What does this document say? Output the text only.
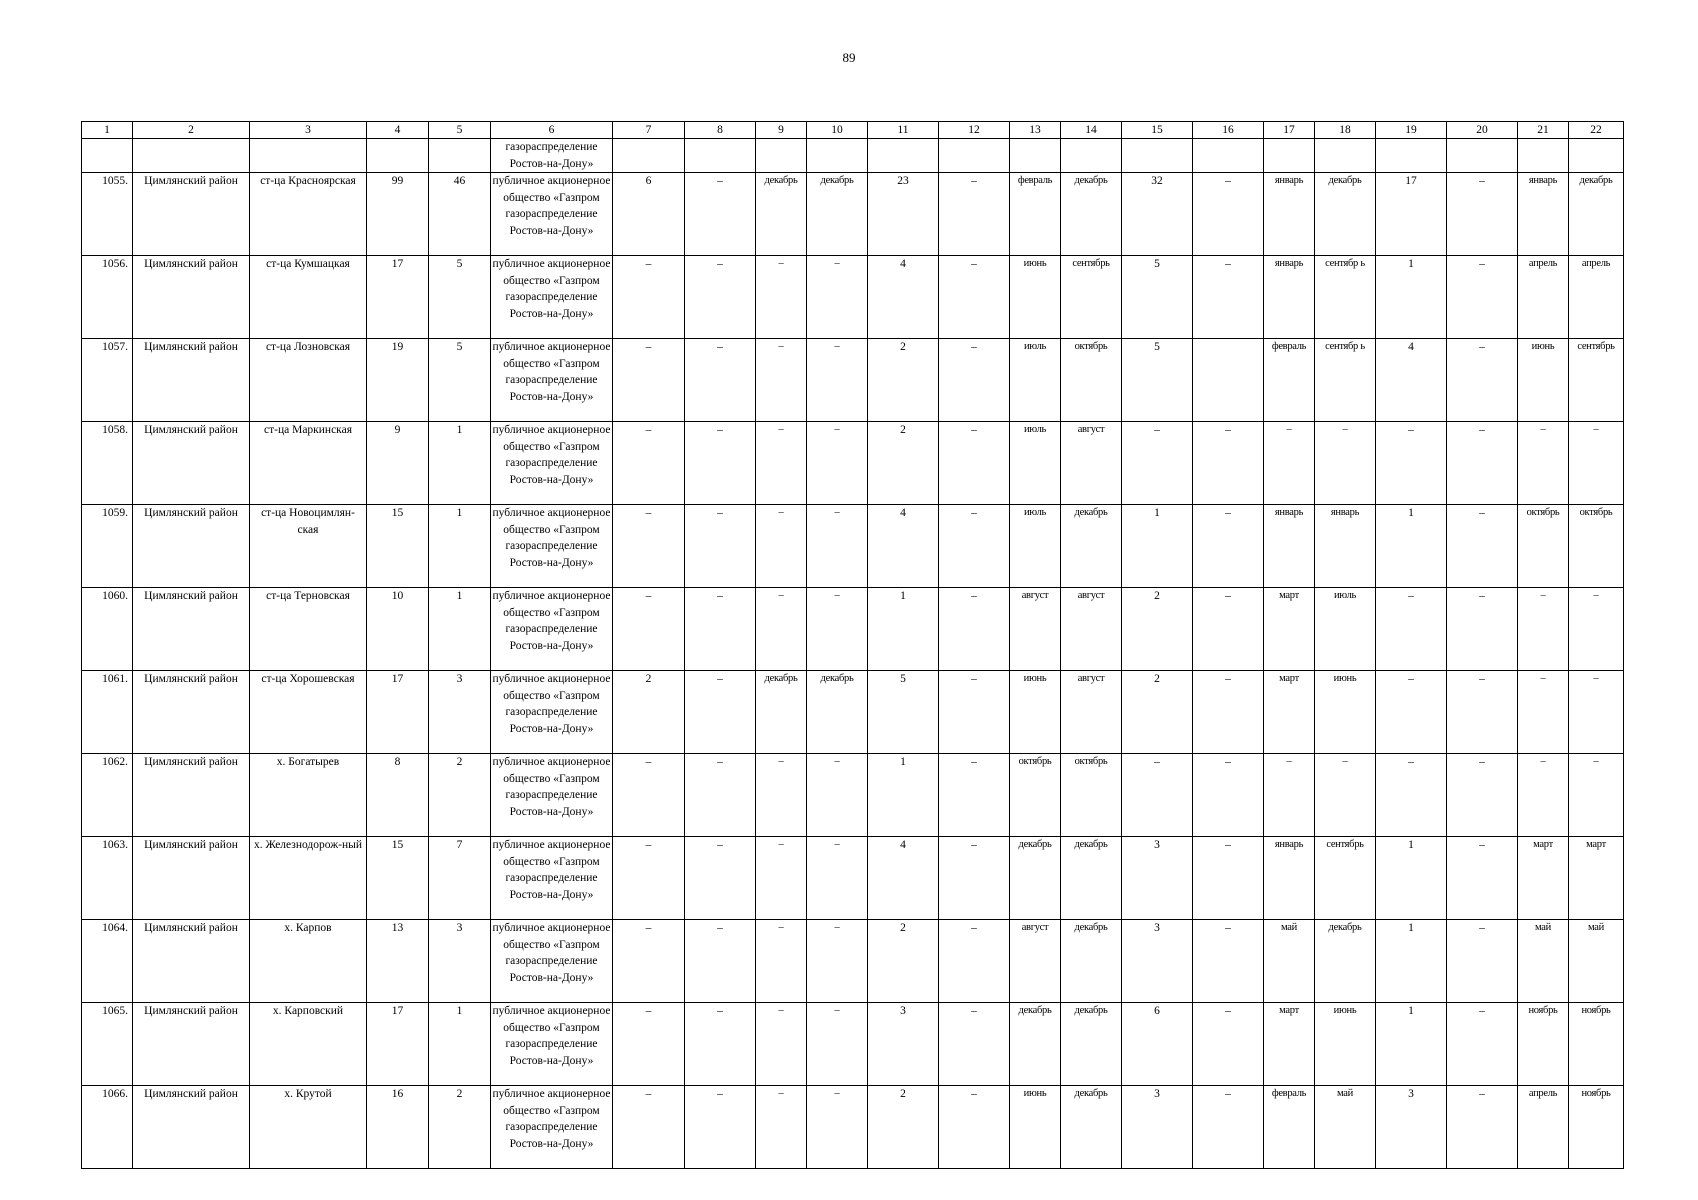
89
1	2	3	4	5	6	7	8	9	10	11	12	13	14	15	16	17	18	19	20	21	22
					газораспределение Ростов-на-Дону»																
1055.	Цимлянский район	ст-ца Краснoярская	99	46	публичное акционерное общество «Газпром газораспределение Ростов-на-Дону»	6	–	декабрь	декабрь	23	–	февраль	декабрь	32	–	январь	декабрь	17	–	январь	декабрь
1056.	Цимлянский район	ст-ца Кумшацкая	17	5	публичное акционерное общество «Газпром газораспределение Ростов-на-Дону»	–	–	–	–	4	–	июнь	сентябрь	5	–	январь	сентябр ь	1	–	апрель	апрель
1057.	Цимлянский район	ст-ца Лозновская	19	5	публичное акционерное общество «Газпром газораспределение Ростов-на-Дону»	–	–	–	–	2	–	июль	октябрь	5		февраль	сентябр ь	4	–	июнь	сентябрь
1058.	Цимлянский район	ст-ца Маркинская	9	1	публичное акционерное общество «Газпром газораспределение Ростов-на-Дону»	–	–	–	–	2	–	июль	август	–	–	–	–	–	–	–	–
1059.	Цимлянский район	ст-ца Новоцимлян-ская	15	1	публичное акционерное общество «Газпром газораспределение Ростов-на-Дону»	–	–	–	–	4	–	июль	декабрь	1	–	январь	январь	1	–	октябрь	октябрь
1060.	Цимлянский район	ст-ца Терновская	10	1	публичное акционерное общество «Газпром газораспределение Ростов-на-Дону»	–	–	–	–	1	–	август	август	2	–	март	июль	–	–	–	–
1061.	Цимлянский район	ст-ца Хорошевская	17	3	публичное акционерное общество «Газпром газораспределение Ростов-на-Дону»	2	–	декабрь	декабрь	5	–	июнь	август	2	–	март	июнь	–	–	–	–
1062.	Цимлянский район	х. Богатырев	8	2	публичное акционерное общество «Газпром газораспределение Ростов-на-Дону»	–	–	–	–	1	–	октябрь	октябрь	–	–	–	–	–	–	–	–
1063.	Цимлянский район	х. Железнодорож-ный	15	7	публичное акционерное общество «Газпром газораспределение Ростов-на-Дону»	–	–	–	–	4	–	декабрь	декабрь	3	–	январь	сентябрь	1	–	март	март
1064.	Цимлянский район	х. Карпов	13	3	публичное акционерное общество «Газпром газораспределение Ростов-на-Дону»	–	–	–	–	2	–	август	декабрь	3	–	май	декабрь	1	–	май	май
1065.	Цимлянский район	х. Карповский	17	1	публичное акционерное общество «Газпром газораспределение Ростов-на-Дону»	–	–	–	–	3	–	декабрь	декабрь	6	–	март	июнь	1	–	ноябрь	ноябрь
1066.	Цимлянский район	х. Крутой	16	2	публичное акционерное общество «Газпром газораспределение Ростов-на-Дону»	–	–	–	–	2	–	июнь	декабрь	3	–	февраль	май	3	–	апрель	ноябрь
